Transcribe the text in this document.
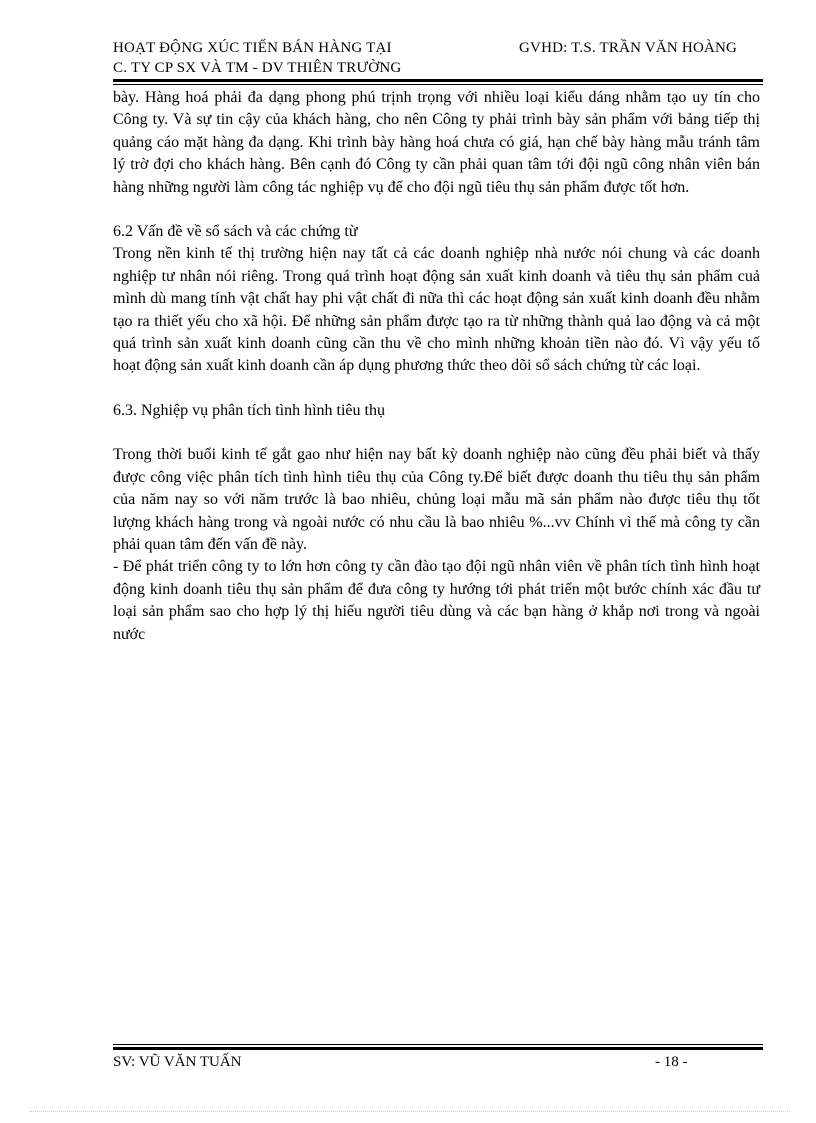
HOẠT ĐỘNG XÚC TIẾN BÁN HÀNG TẠI	GVHD: T.S. TRẦN VĂN HOÀNG
C. TY CP SX VÀ TM - DV THIÊN TRƯỜNG

bày. Hàng hoá phải đa dạng phong phú trịnh trọng với nhiều loại kiểu dáng nhằm tạo uy tín cho Công ty. Và sự tin cậy của khách hàng, cho nên Công ty phải trình bày sản phẩm với bảng tiếp thị quảng cáo mặt hàng đa dạng. Khi trình bày hàng hoá chưa có giá, hạn chế bày hàng mẫu tránh tâm lý trờ đợi cho khách hàng. Bên cạnh đó Công ty cần phải quan tâm tới đội ngũ công nhân viên bán hàng những người làm công tác nghiệp vụ để cho đội ngũ tiêu thụ sản phẩm được tốt hơn.

6.2 Vấn đề về sổ sách và các chứng từ

Trong nền kinh tế thị trường hiện nay tất cả các doanh nghiệp nhà nước nói chung và các doanh nghiệp tư nhân nói riêng. Trong quá trình hoạt động sản xuất kinh doanh và tiêu thụ sản phẩm cuả mình dù mang tính vật chất hay phi vật chất đi nữa thì các hoạt động sản xuất kinh doanh đều nhằm tạo ra thiết yếu cho xã hội. Để những sản phẩm được tạo ra từ những thành quả lao động và cả một quá trình sản xuất kinh doanh cũng cần thu về cho mình những khoản tiền nào đó. Vì vậy yếu tố hoạt động sản xuất kinh doanh cần áp dụng phương thức theo dõi sổ sách chứng từ các loại.

6.3. Nghiệp vụ phân tích tình hình tiêu thụ

Trong thời buổi kinh tế gắt gao như hiện nay bất kỳ doanh nghiệp nào cũng đều phải biết và thấy được công việc phân tích tình hình tiêu thụ của Công ty.Để biết được doanh thu tiêu thụ sản phẩm của năm nay so với năm trước là bao nhiêu, chủng loại mẫu mã sản phẩm nào được tiêu thụ tốt lượng khách hàng trong và ngoài nước có nhu cầu là bao nhiêu %...vv Chính vì thế mà công ty cần phải quan tâm đến vấn đề này.

- Để phát triển công ty to lớn hơn công ty cần đào tạo đội ngũ nhân viên về phân tích tình hình hoạt động kinh doanh tiêu thụ sản phẩm để đưa công ty hướng tới phát triển một bước chính xác đầu tư loại sản phẩm sao cho hợp lý thị hiếu người tiêu dùng và các bạn hàng ở khắp nơi trong và ngoài nước

SV: VŨ VĂN TUẤN	- 18 -
